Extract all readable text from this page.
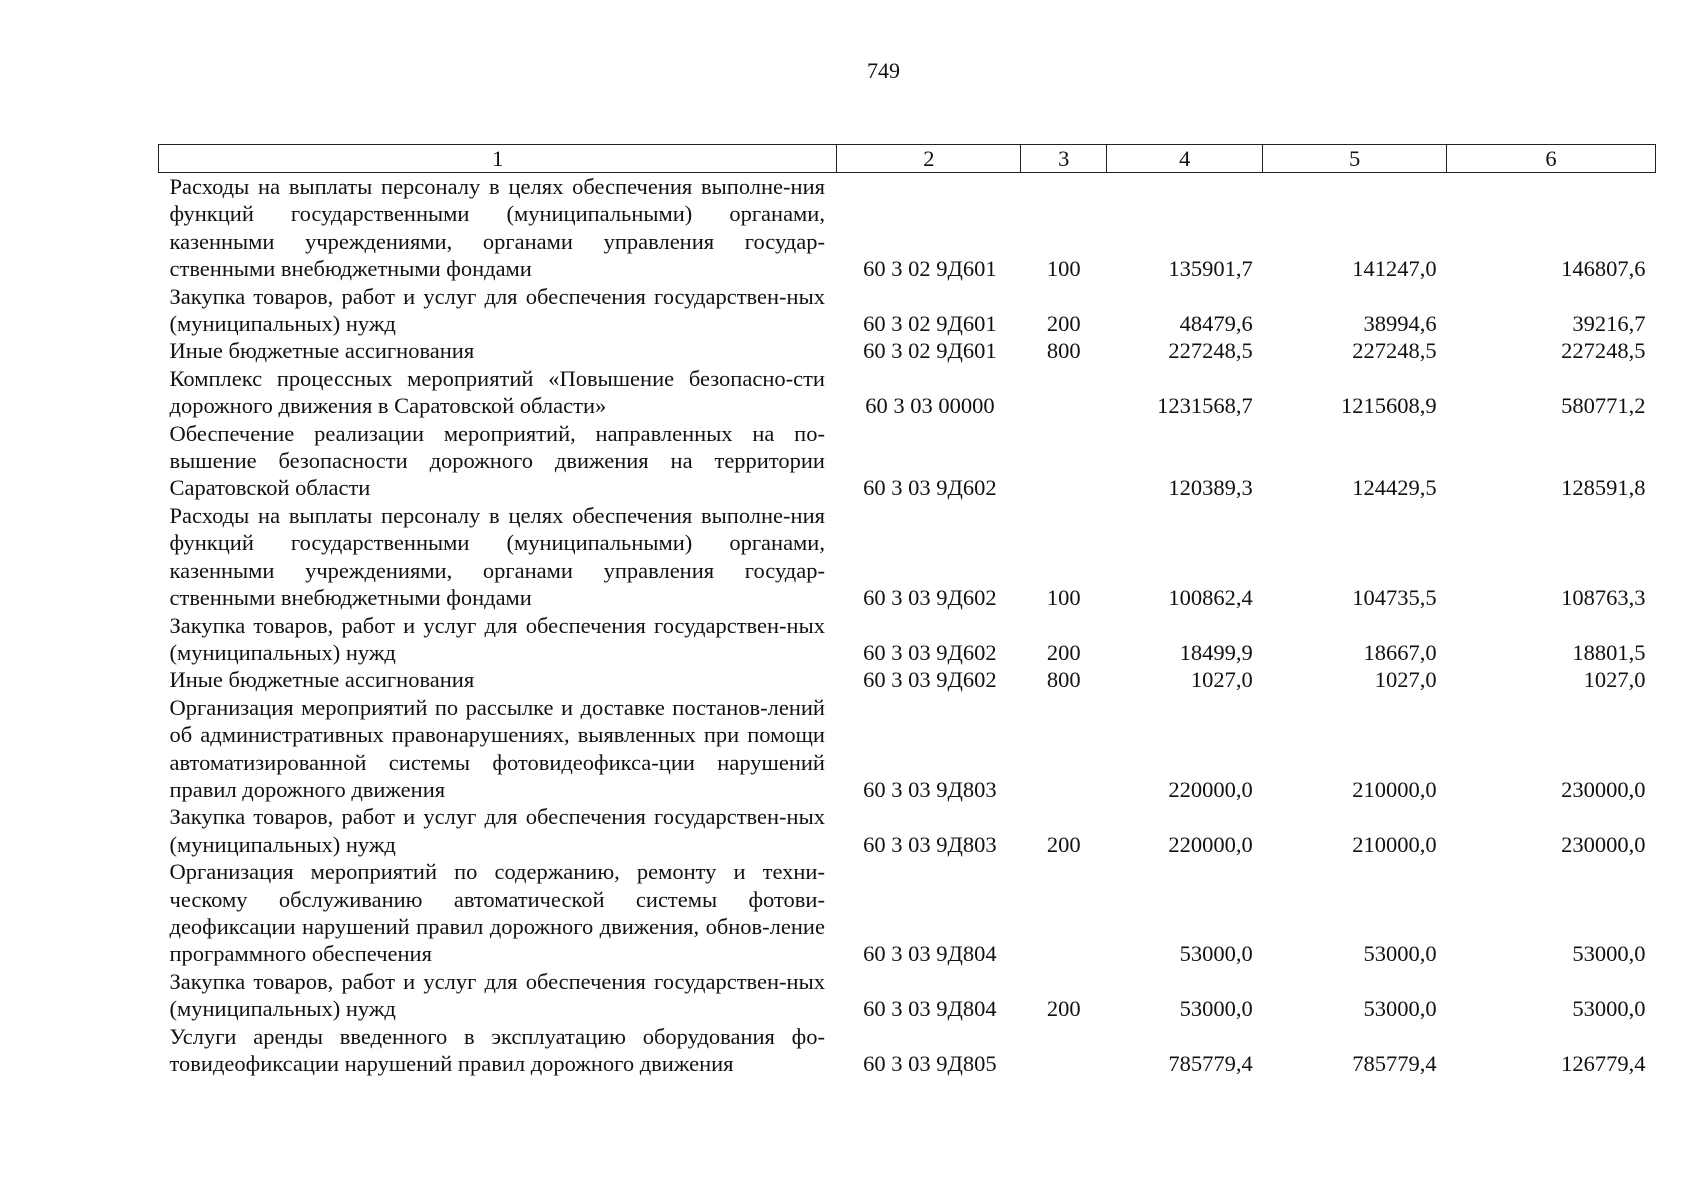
749
1	2	3	4	5	6
Расходы на выплаты персоналу в целях обеспечения выполне-ния функций государственными (муниципальными) органами, казенными учреждениями, органами управления государ-ственными внебюджетными фондами	60 3 02 9Д601	100	135901,7	141247,0	146807,6
Закупка товаров, работ и услуг для обеспечения государствен-ных (муниципальных) нужд	60 3 02 9Д601	200	48479,6	38994,6	39216,7
Иные бюджетные ассигнования	60 3 02 9Д601	800	227248,5	227248,5	227248,5
Комплекс процессных мероприятий «Повышение безопасно-сти дорожного движения в Саратовской области»	60 3 03 00000		1231568,7	1215608,9	580771,2
Обеспечение реализации мероприятий, направленных на по-вышение безопасности дорожного движения на территории Саратовской области	60 3 03 9Д602		120389,3	124429,5	128591,8
Расходы на выплаты персоналу в целях обеспечения выполне-ния функций государственными (муниципальными) органами, казенными учреждениями, органами управления государ-ственными внебюджетными фондами	60 3 03 9Д602	100	100862,4	104735,5	108763,3
Закупка товаров, работ и услуг для обеспечения государствен-ных (муниципальных) нужд	60 3 03 9Д602	200	18499,9	18667,0	18801,5
Иные бюджетные ассигнования	60 3 03 9Д602	800	1027,0	1027,0	1027,0
Организация мероприятий по рассылке и доставке постанов-лений об административных правонарушениях, выявленных при помощи автоматизированной системы фотовидеофикса-ции нарушений правил дорожного движения	60 3 03 9Д803		220000,0	210000,0	230000,0
Закупка товаров, работ и услуг для обеспечения государствен-ных (муниципальных) нужд	60 3 03 9Д803	200	220000,0	210000,0	230000,0
Организация мероприятий по содержанию, ремонту и техни-ческому обслуживанию автоматической системы фотови-деофиксации нарушений правил дорожного движения, обнов-ление программного обеспечения	60 3 03 9Д804		53000,0	53000,0	53000,0
Закупка товаров, работ и услуг для обеспечения государствен-ных (муниципальных) нужд	60 3 03 9Д804	200	53000,0	53000,0	53000,0
Услуги аренды введенного в эксплуатацию оборудования фо-товидеофиксации нарушений правил дорожного движения	60 3 03 9Д805		785779,4	785779,4	126779,4
